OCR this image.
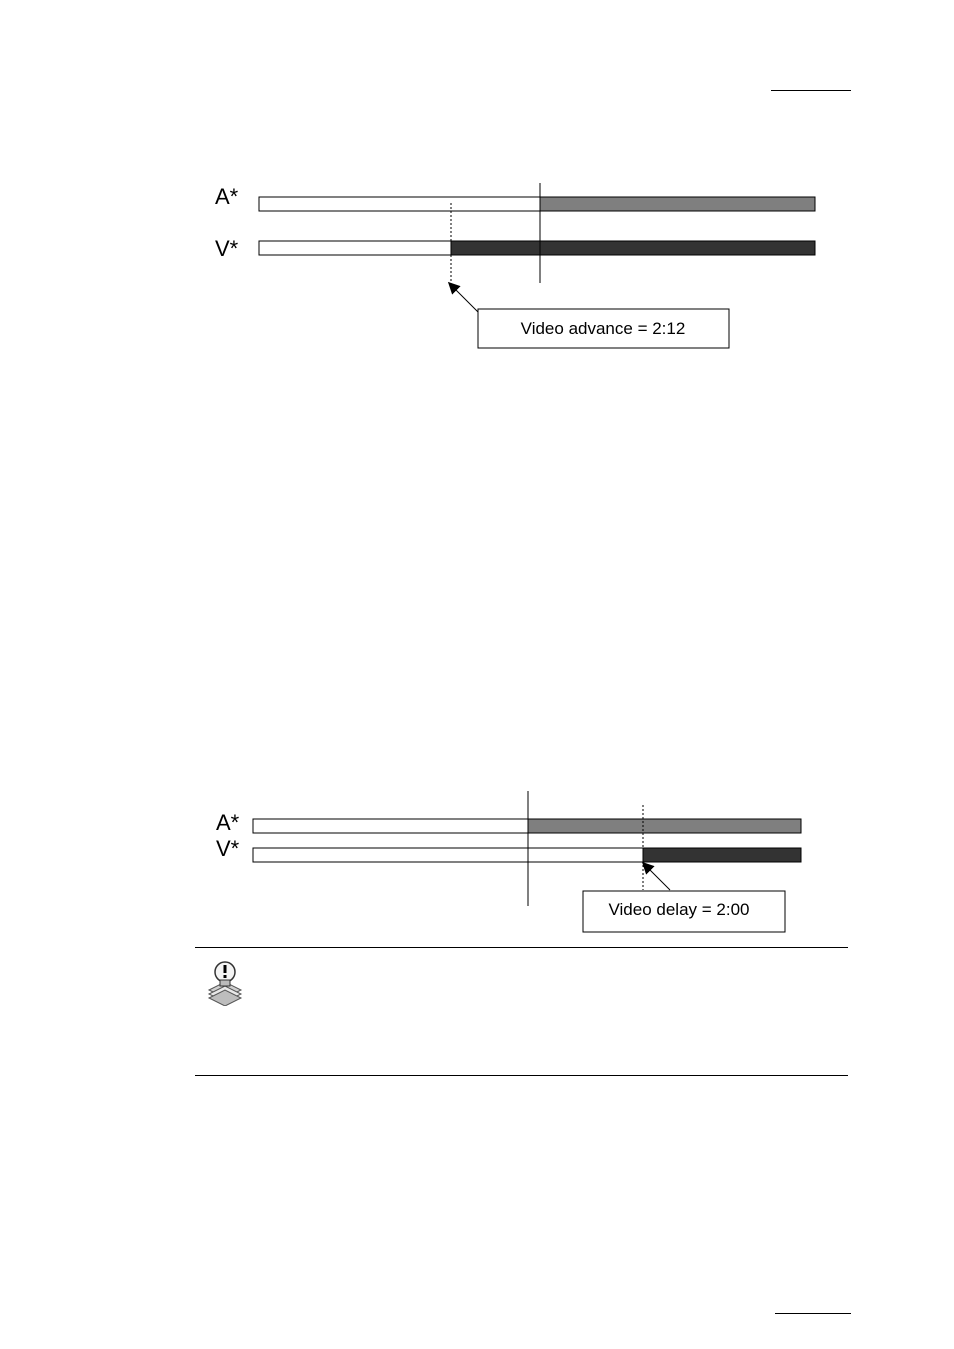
A*
V*
Video advance = 2:12
A*
V*
Video delay = 2:00
